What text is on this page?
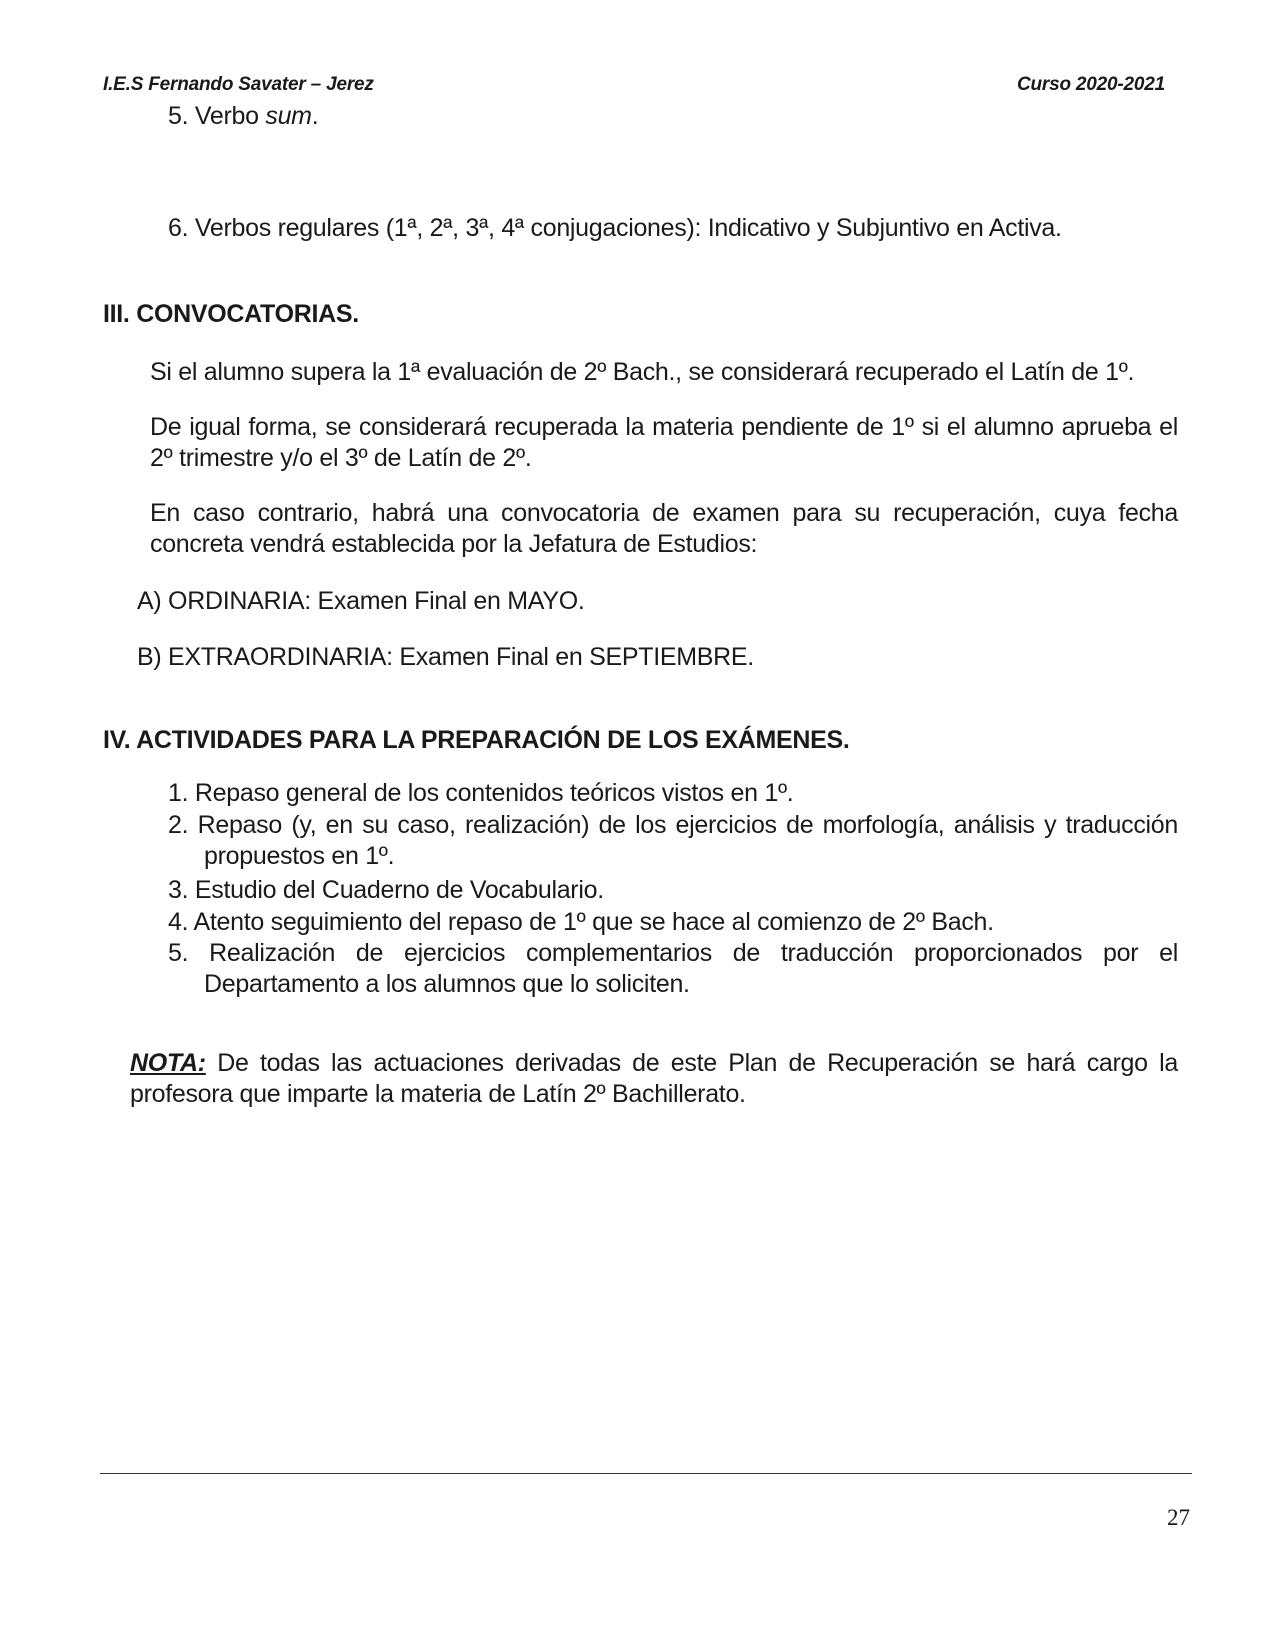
I.E.S Fernando Savater – Jerez	Curso 2020-2021
5. Verbo sum.
6. Verbos regulares (1ª, 2ª, 3ª, 4ª conjugaciones): Indicativo y Subjuntivo en Activa.
III. CONVOCATORIAS.
Si el alumno supera la 1ª evaluación de 2º Bach., se considerará recuperado el Latín de 1º.
De igual forma, se considerará recuperada la materia pendiente de 1º si el alumno aprueba el 2º trimestre y/o el 3º de Latín de 2º.
En caso contrario, habrá una convocatoria de examen para su recuperación, cuya fecha concreta vendrá establecida por la Jefatura de Estudios:
A) ORDINARIA: Examen Final en MAYO.
B) EXTRAORDINARIA: Examen Final en SEPTIEMBRE.
IV. ACTIVIDADES PARA LA PREPARACIÓN DE LOS EXÁMENES.
1. Repaso general de los contenidos teóricos vistos en 1º.
2. Repaso (y, en su caso, realización) de los ejercicios de morfología, análisis y traducción propuestos en 1º.
3. Estudio del Cuaderno de Vocabulario.
4. Atento seguimiento del repaso de 1º que se hace al comienzo de 2º Bach.
5. Realización de ejercicios complementarios de traducción proporcionados por el Departamento a los alumnos que lo soliciten.
NOTA: De todas las actuaciones derivadas de este Plan de Recuperación se hará cargo la profesora que imparte la materia de Latín 2º Bachillerato.
27
